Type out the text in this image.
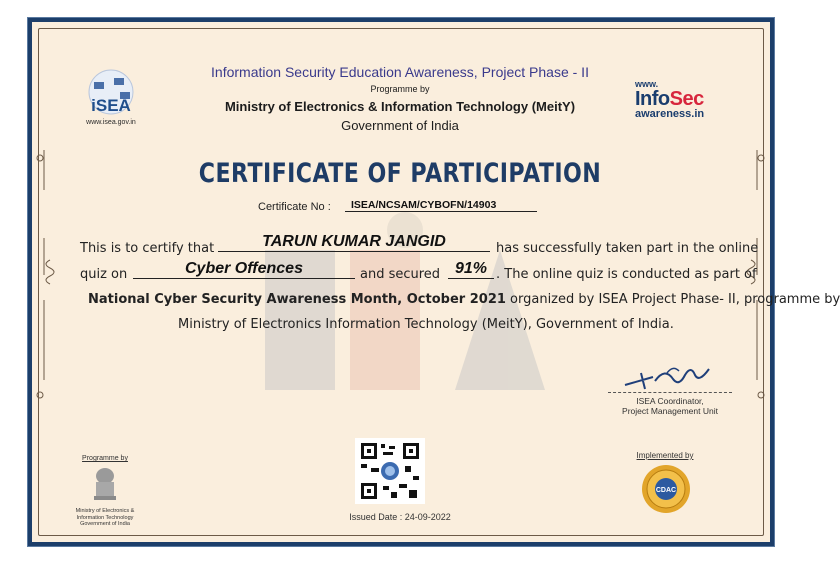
iSEA
www.isea.gov.in
Information Security Education Awareness, Project Phase - II
Programme by
Ministry of Electronics & Information Technology (MeitY)
Government of India
www.
InfoSec
awareness.in
CERTIFICATE OF PARTICIPATION
Certificate No :	ISEA/NCSAM/CYBOFN/14903
This is to certify that	TARUN KUMAR JANGID	has successfully taken part in the online
quiz on	Cyber Offences	and secured 91% . The online quiz is conducted as part of
National Cyber Security Awareness Month, October 2021 organized by ISEA Project Phase- II, programme by
Ministry of Electronics Information Technology (MeitY), Government of India.
ISEA Coordinator,
Project Management Unit
Programme by
Ministry of Electronics &
Information Technology
Government of India
Issued Date : 24-09-2022
Implemented by
CDAC
